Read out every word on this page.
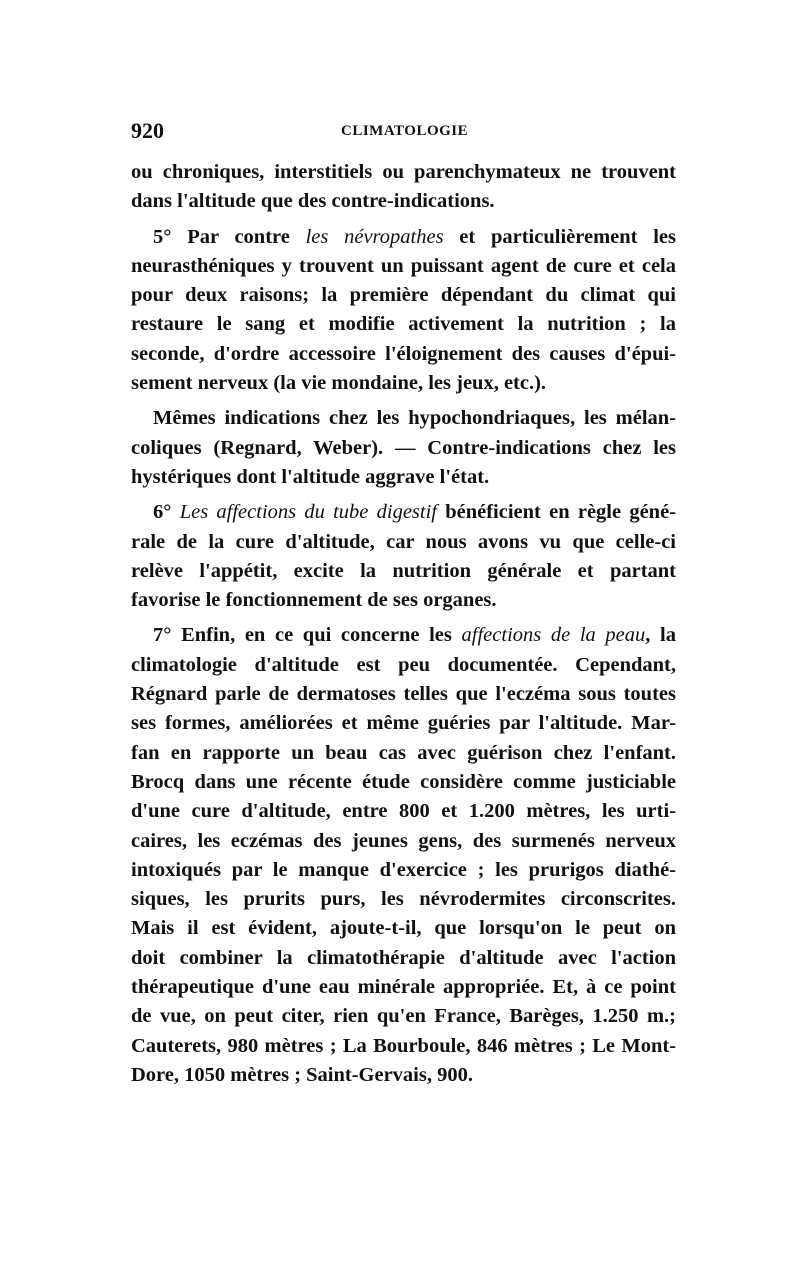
920	CLIMATOLOGIE
ou chroniques, interstitiels ou parenchymateux ne trouvent
dans l'altitude que des contre-indications.
5° Par contre les névropathes et particulièrement les
neurasthéniques y trouvent un puissant agent de cure et cela
pour deux raisons; la première dépendant du climat qui
restaure le sang et modifie activement la nutrition ; la
seconde, d'ordre accessoire l'éloignement des causes d'épui-
sement nerveux (la vie mondaine, les jeux, etc.).
Mêmes indications chez les hypochondriaques, les mélan-
coliques (Regnard, Weber). — Contre-indications chez les
hystériques dont l'altitude aggrave l'état.
6° Les affections du tube digestif bénéficient en règle géné-
rale de la cure d'altitude, car nous avons vu que celle-ci
relève l'appétit, excite la nutrition générale et partant
favorise le fonctionnement de ses organes.
7° Enfin, en ce qui concerne les affections de la peau, la
climatologie d'altitude est peu documentée. Cependant,
Régnard parle de dermatoses telles que l'eczéma sous toutes
ses formes, améliorées et même guéries par l'altitude. Mar-
fan en rapporte un beau cas avec guérison chez l'enfant.
Brocq dans une récente étude considère comme justiciable
d'une cure d'altitude, entre 800 et 1.200 mètres, les urti-
caires, les eczémas des jeunes gens, des surmenés nerveux
intoxiqués par le manque d'exercice ; les prurigos diathé-
siques, les prurits purs, les névrodermites circonscrites.
Mais il est évident, ajoute-t-il, que lorsqu'on le peut on
doit combiner la climatothérapie d'altitude avec l'action
thérapeutique d'une eau minérale appropriée. Et, à ce point
de vue, on peut citer, rien qu'en France, Barèges, 1.250 m.;
Cauterets, 980 mètres ; La Bourboule, 846 mètres ; Le Mont-
Dore, 1050 mètres ; Saint-Gervais, 900.
